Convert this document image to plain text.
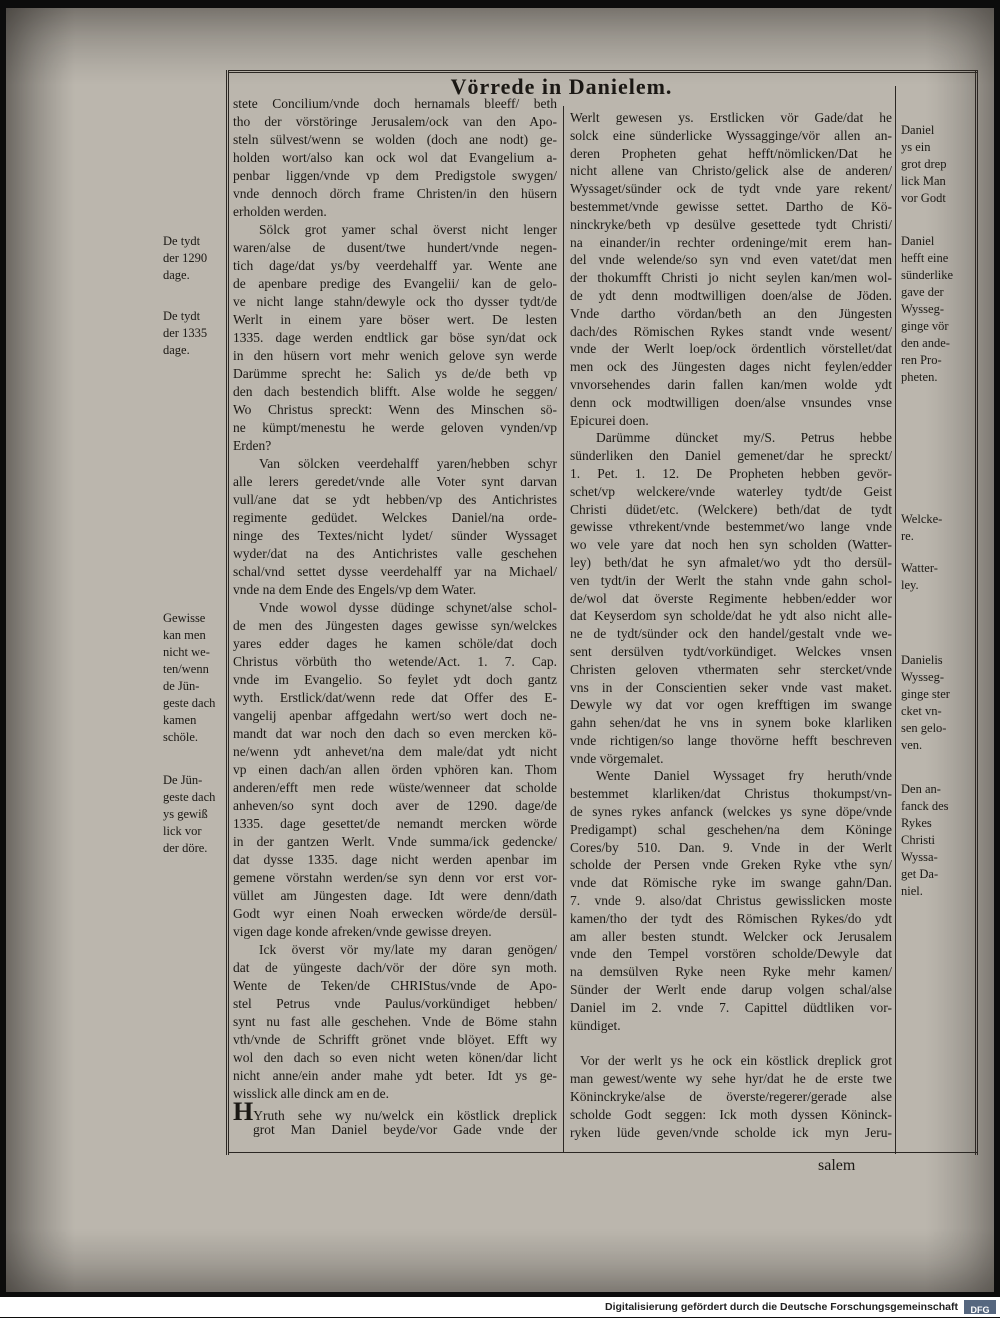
Vörrede in Danielem.
stete Concilium/vnde doch hernamals bleeff/ beth
tho der vörstöringe Jerusalem/ock van den Apo-
steln sülvest/wenn se wolden (doch ane nodt) ge-
holden wort/also kan ock wol dat Evangelium a-
penbar liggen/vnde vp dem Predigstole swygen/
vnde dennoch dörch frame Christen/in den hüsern
erholden werden.
Sölck grot yamer schal överst nicht lenger
waren/alse de dusent/twe hundert/vnde negen-
tich dage/dat ys/by veerdehalff yar. Wente ane
de apenbare predige des Evangelii/ kan de gelo-
ve nicht lange stahn/dewyle ock tho dysser tydt/de
Werlt in einem yare böser wert. De lesten
1335. dage werden endtlick gar böse syn/dat ock
in den hüsern vort mehr wenich gelove syn werde
Darümme sprecht he: Salich ys de/de beth vp
den dach bestendich blifft. Alse wolde he seggen/
Wo Christus spreckt: Wenn des Minschen sö-
ne kümpt/menestu he werde geloven vynden/vp
Erden?
Van sölcken veerdehalff yaren/hebben schyr
alle lerers geredet/vnde alle Voter synt darvan
vull/ane dat se ydt hebben/vp des Antichristes
regimente gedüdet. Welckes Daniel/na orde-
ninge des Textes/nicht lydet/ sünder Wyssaget
wyder/dat na des Antichristes valle geschehen
schal/vnd settet dysse veerdehalff yar na Michael/
vnde na dem Ende des Engels/vp dem Water.
Vnde wowol dysse düdinge schynet/alse schol-
de men des Jüngesten dages gewisse syn/welckes
yares edder dages he kamen schöle/dat doch
Christus vörbüth tho wetende/Act. 1. 7. Cap.
vnde im Evangelio. So feylet ydt doch gantz
wyth. Erstlick/dat/wenn rede dat Offer des E-
vangelij apenbar affgedahn wert/so wert doch ne-
mandt dat war noch den dach so even mercken kö-
ne/wenn ydt anhevet/na dem male/dat ydt nicht
vp einen dach/an allen örden vphören kan. Thom
anderen/efft men rede wüste/wenneer dat scholde
anheven/so synt doch aver de 1290. dage/de
1335. dage gesettet/de nemandt mercken wörde
in der gantzen Werlt. Vnde summa/ick gedencke/
dat dysse 1335. dage nicht werden apenbar im
gemene vörstahn werden/se syn denn vor erst vor-
vüllet am Jüngesten dage. Idt were denn/dath
Godt wyr einen Noah erwecken wörde/de dersül-
vigen dage konde afreken/vnde gewisse dreyen.
Ick överst vör my/late my daran genögen/
dat de yüngeste dach/vör der döre syn moth.
Wente de Teken/de CHRIStus/vnde de Apo-
stel Petrus vnde Paulus/vorkündiget hebben/
synt nu fast alle geschehen. Vnde de Böme stahn
vth/vnde de Schrifft grönet vnde blöyet. Efft wy
wol den dach so even nicht weten könen/dar licht
nicht anne/ein ander mahe ydt beter. Idt ys ge-
wisslick alle dinck am en de.
HYruth sehe wy nu/welck ein köstlick dreplick
grot Man Daniel beyde/vor Gade vnde der
Werlt gewesen ys. Erstlicken vör Gade/dat he
solck eine sünderlicke Wyssagginge/vör allen an-
deren Propheten gehat hefft/nömlicken/Dat he
nicht allene van Christo/gelick alse de anderen/
Wyssaget/sünder ock de tydt vnde yare rekent/
bestemmet/vnde gewisse settet. Dartho de Kö-
ninckryke/beth vp desülve gesettede tydt Christi/
na einander/in rechter ordeninge/mit erem han-
del vnde welende/so syn vnd even vatet/dat men
der thokumfft Christi jo nicht seylen kan/men wol-
de ydt denn modtwilligen doen/alse de Jöden.
Vnde dartho vördan/beth an den Jüngesten
dach/des Römischen Rykes standt vnde wesent/
vnde der Werlt loep/ock ördentlich vörstellet/dat
men ock des Jüngesten dages nicht feylen/edder
vnvorsehendes darin fallen kan/men wolde ydt
denn ock modtwilligen doen/alse vnsundes vnse
Epicurei doen.
Darümme düncket my/S. Petrus hebbe
sünderliken den Daniel gemenet/dar he spreckt/
1. Pet. 1. 12. De Propheten hebben gevör-
schet/vp welckere/vnde waterley tydt/de Geist
Christi düdet/etc. (Welckere) beth/dat de tydt
gewisse vthrekent/vnde bestemmet/wo lange vnde
wo vele yare dat noch hen syn scholden (Watter-
ley) beth/dat he syn afmalet/wo ydt tho dersül-
ven tydt/in der Werlt the stahn vnde gahn schol-
de/wol dat överste Regimente hebben/edder wor
dat Keyserdom syn scholde/dat he ydt also nicht alle-
ne de tydt/sünder ock den handel/gestalt vnde we-
sent dersülven tydt/vorkündiget. Welckes vnsen
Christen geloven vthermaten sehr stercket/vnde
vns in der Conscientien seker vnde vast maket.
Dewyle wy dat vor ogen krefftigen im swange
gahn sehen/dat he vns in synem boke klarliken
vnde richtigen/so lange thovörne hefft beschreven
vnde vörgemalet.
Wente Daniel Wyssaget fry heruth/vnde
bestemmet klarliken/dat Christus thokumpst/vn-
de synes rykes anfanck (welckes ys syne döpe/vnde
Predigampt) schal geschehen/na dem Köninge
Cores/by 510. Dan. 9. Vnde in der Werlt
scholde der Persen vnde Greken Ryke vthe syn/
vnde dat Römische ryke im swange gahn/Dan.
7. vnde 9. also/dat Christus gewisslicken moste
kamen/tho der tydt des Römischen Rykes/do ydt
am aller besten stundt. Welcker ock Jerusalem
vnde den Tempel vorstören scholde/Dewyle dat
na demsülven Ryke neen Ryke mehr kamen/
Sünder der Werlt ende darup volgen schal/alse
Daniel im 2. vnde 7. Capittel düdtliken vor-
kündiget.
Vor der werlt ys he ock ein köstlick dreplick grot
man gewest/wente wy sehe hyr/dat he de erste twe
Köninckryke/alse de överste/regerer/gerade alse
scholde Godt seggen: Ick moth dyssen Köninck-
ryken lüde geven/vnde scholde ick myn Jeru-
De tydt
der 1290
dage.
De tydt
der 1335
dage.
Gewisse
kan men
nicht we-
ten/wenn
de Jün-
geste dach
kamen
schöle.
De Jün-
geste dach
ys gewiß
lick vor
der döre.
Daniel
ys ein
grot drep
lick Man
vor Godt
Daniel
hefft eine
sünderlike
gave der
Wysseg-
ginge vör
den ande-
ren Pro-
pheten.
Welcke-
re.
Watter-
ley.
Danielis
Wysseg-
ginge ster
cket vn-
sen gelo-
ven.
Den an-
fanck des
Rykes
Christi
Wyssa-
get Da-
niel.
salem
Digitalisierung gefördert durch die Deutsche Forschungsgemeinschaft	DFG
